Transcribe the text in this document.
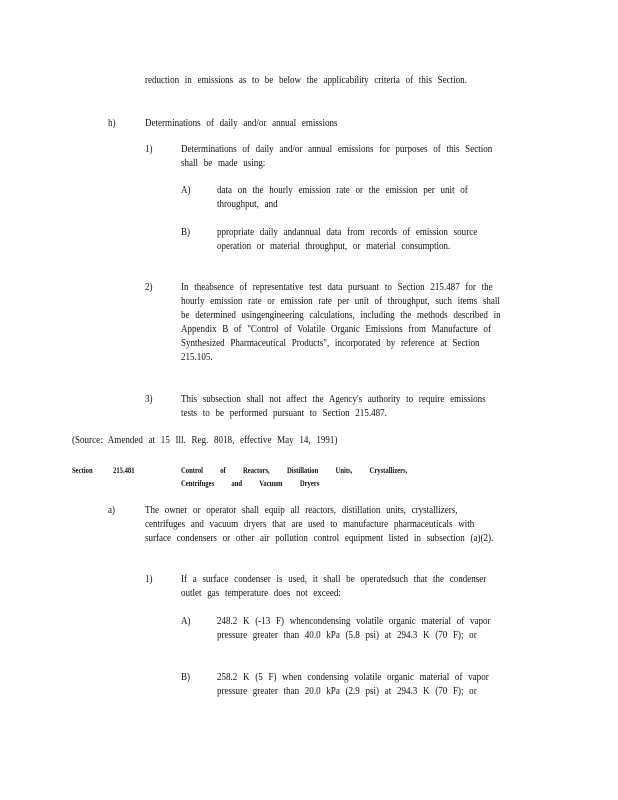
reduction in emissions as to be below the applicability criteria of this Section.
h)	Determinations of daily and/or annual emissions
1)	Determinations of daily and/or annual emissions for purposes of this Section shall be made using:
A)	data on the hourly emission rate or the emission per unit of throughput, and
B)	ppropriate daily andannual data from records of emission source operation or material throughput, or material consumption.
2)	In theabsence of representative test data pursuant to Section 215.487 for the hourly emission rate or emission rate per unit of throughput, such items shall be determined usingengineering calculations, including the methods described in Appendix B of "Control of Volatile Organic Emissions from Manufacture of Synthesized Pharmaceutical Products", incorporated by reference at Section 215.105.
3)	This subsection shall not affect the Agency's authority to require emissions tests to be performed pursuant to Section 215.487.
(Source: Amended at 15 Ill. Reg. 8018, effective May 14, 1991)
Section 215.481	Control of Reactors, Distillation Units, Crystallizers,
Centrifuges and Vacuum Dryers
a)	The owner or operator shall equip all reactors, distillation units, crystallizers, centrifuges and vacuum dryers that are used to manufacture pharmaceuticals with surface condensers or other air pollution control equipment listed in subsection (a)(2).
1)	If a surface condenser is used, it shall be operatedsuch that the condenser outlet gas temperature does not exceed:
A)	248.2 K (-13 F) whencondensing volatile organic material of vapor pressure greater than 40.0 kPa (5.8 psi) at 294.3 K (70 F); or
B)	258.2 K (5 F) when condensing volatile organic material of vapor pressure greater than 20.0 kPa (2.9 psi) at 294.3 K (70 F); or
